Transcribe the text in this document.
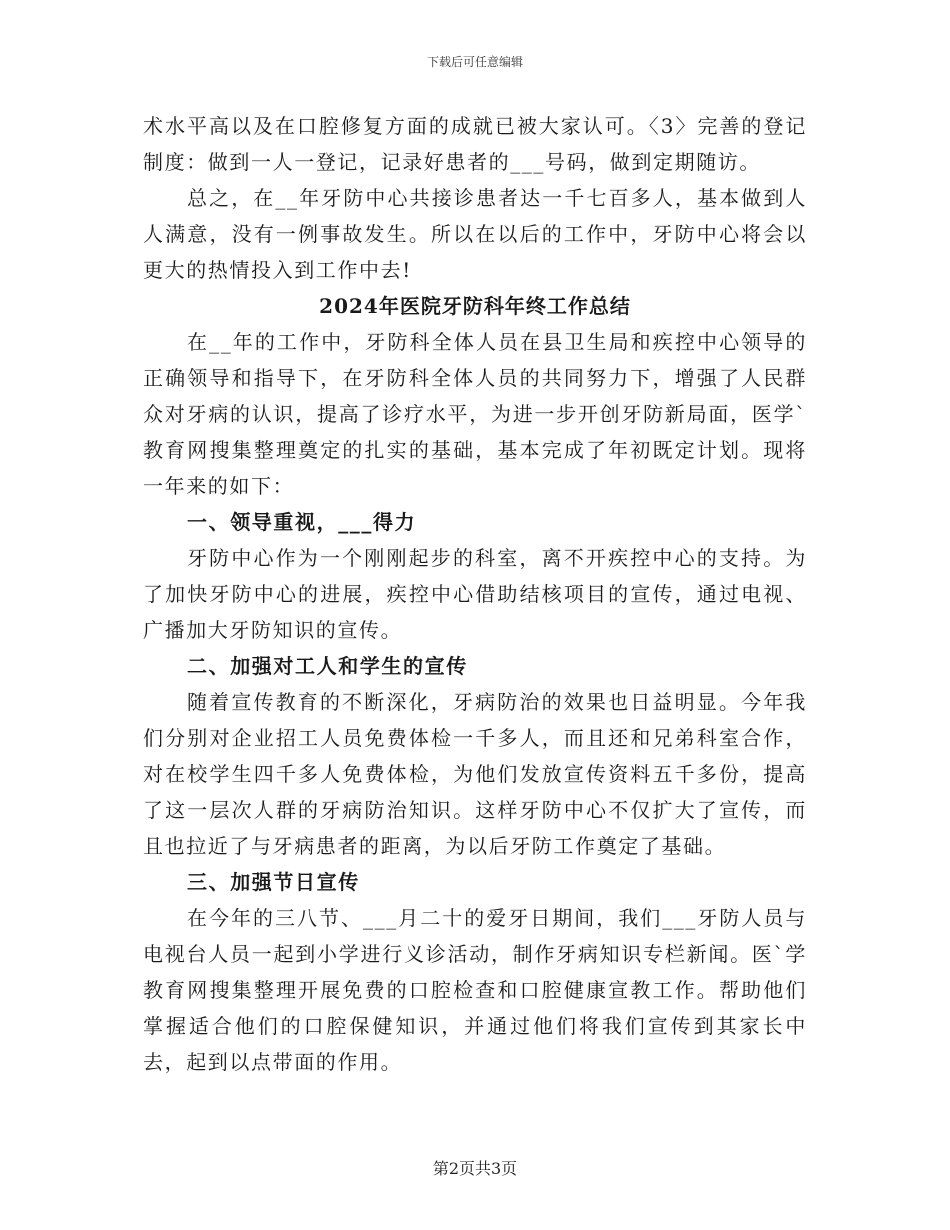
下载后可任意编辑

术水平高以及在口腔修复方面的成就已被大家认可。〈3〉完善的登记制度：做到一人一登记，记录好患者的___号码，做到定期随访。

总之，在__年牙防中心共接诊患者达一千七百多人，基本做到人人满意，没有一例事故发生。所以在以后的工作中，牙防中心将会以更大的热情投入到工作中去!

2024年医院牙防科年终工作总结

在__年的工作中，牙防科全体人员在县卫生局和疾控中心领导的正确领导和指导下，在牙防科全体人员的共同努力下，增强了人民群众对牙病的认识，提高了诊疗水平，为进一步开创牙防新局面，医学`教育网搜集整理奠定的扎实的基础，基本完成了年初既定计划。现将一年来的如下：

一、领导重视，___得力

牙防中心作为一个刚刚起步的科室，离不开疾控中心的支持。为了加快牙防中心的进展，疾控中心借助结核项目的宣传，通过电视、广播加大牙防知识的宣传。

二、加强对工人和学生的宣传

随着宣传教育的不断深化，牙病防治的效果也日益明显。今年我们分别对企业招工人员免费体检一千多人，而且还和兄弟科室合作，对在校学生四千多人免费体检，为他们发放宣传资料五千多份，提高了这一层次人群的牙病防治知识。这样牙防中心不仅扩大了宣传，而且也拉近了与牙病患者的距离，为以后牙防工作奠定了基础。

三、加强节日宣传

在今年的三八节、___月二十的爱牙日期间，我们___牙防人员与电视台人员一起到小学进行义诊活动，制作牙病知识专栏新闻。医`学教育网搜集整理开展免费的口腔检查和口腔健康宣教工作。帮助他们掌握适合他们的口腔保健知识，并通过他们将我们宣传到其家长中去，起到以点带面的作用。

第2页共3页
